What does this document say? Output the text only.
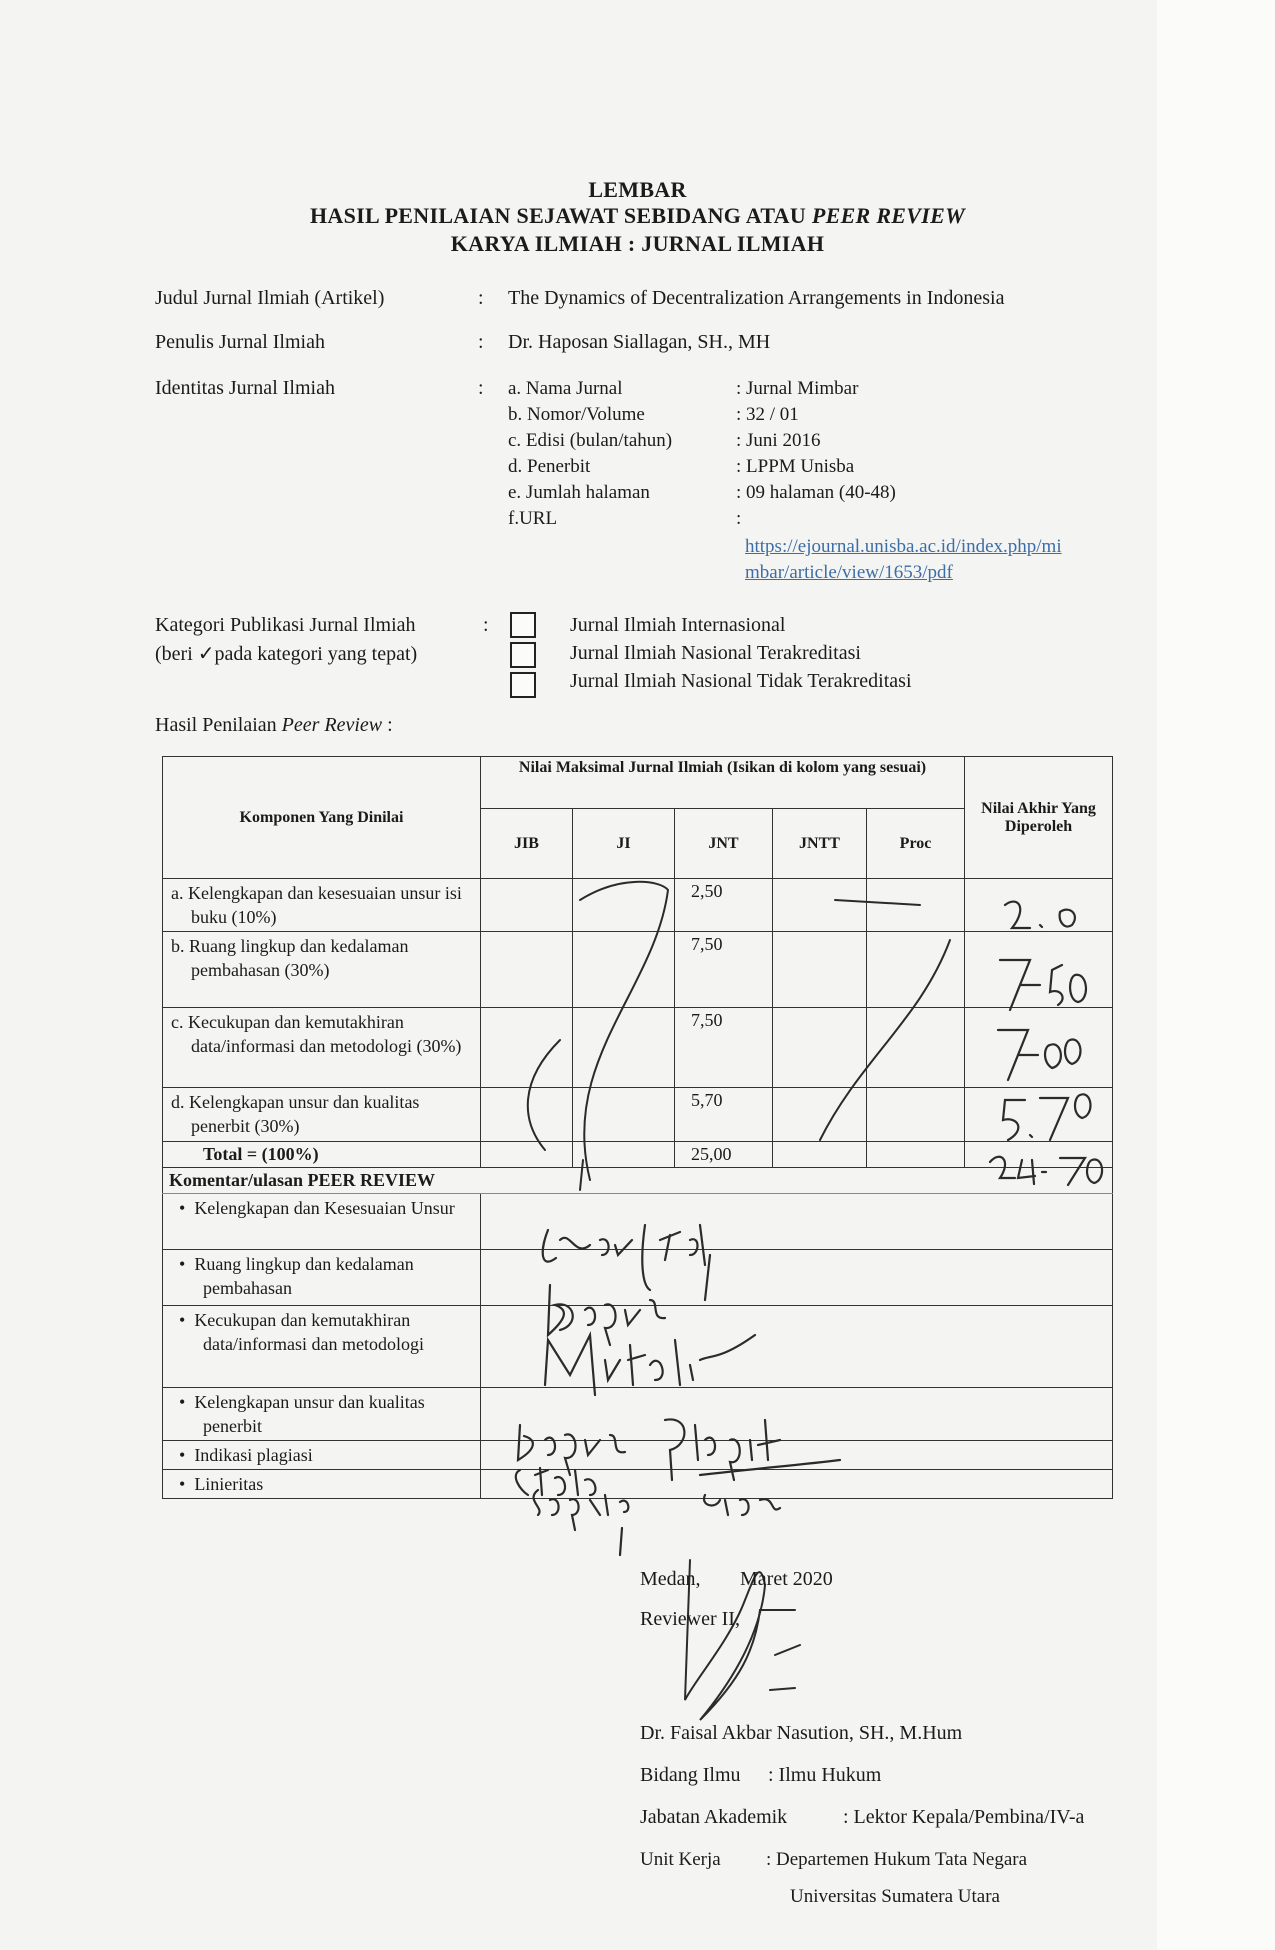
LEMBAR
HASIL PENILAIAN SEJAWAT SEBIDANG ATAU PEER REVIEW
KARYA ILMIAH : JURNAL ILMIAH
Judul Jurnal Ilmiah (Artikel)	: The Dynamics of Decentralization Arrangements in Indonesia
Penulis Jurnal Ilmiah	: Dr. Haposan Siallagan, SH., MH
Identitas Jurnal Ilmiah	: a. Nama Jurnal	: Jurnal Mimbar
b. Nomor/Volume	: 32 / 01
c. Edisi (bulan/tahun)	: Juni 2016
d. Penerbit	: LPPM Unisba
e. Jumlah halaman	: 09 halaman (40-48)
f.URL	:
https://ejournal.unisba.ac.id/index.php/mi
mbar/article/view/1653/pdf
Kategori Publikasi Jurnal Ilmiah
(beri ✓pada kategori yang tepat)
:	Jurnal Ilmiah Internasional
Jurnal Ilmiah Nasional Terakreditasi
Jurnal Ilmiah Nasional Tidak Terakreditasi
Hasil Penilaian Peer Review :
Komponen Yang Dinilai	Nilai Maksimal Jurnal Ilmiah (Isikan di kolom yang sesuai)					Nilai Akhir Yang Diperoleh
	JIB	JI	JNT	JNTT	Proc	
a. Kelengkapan dan kesesuaian unsur isi buku (10%)			2,50			
b. Ruang lingkup dan kedalaman pembahasan (30%)			7,50			
c. Kecukupan dan kemutakhiran data/informasi dan metodologi (30%)			7,50			
d. Kelengkapan unsur dan kualitas penerbit (30%)			5,70			
Total = (100%)			25,00			
Komentar/ulasan PEER REVIEW						
•  Kelengkapan dan Kesesuaian Unsur						
•  Ruang lingkup dan kedalaman pembahasan						
•  Kecukupan dan kemutakhiran data/informasi dan metodologi						
•  Kelengkapan unsur dan kualitas penerbit						
•  Indikasi plagiasi						
•  Linieritas						
Medan, Maret 2020
Reviewer II,
Dr. Faisal Akbar Nasution, SH., M.Hum
Bidang Ilmu : Ilmu Hukum
Jabatan Akademik	: Lektor Kepala/Pembina/IV-a
Unit Kerja : Departemen Hukum Tata Negara
Universitas Sumatera Utara
